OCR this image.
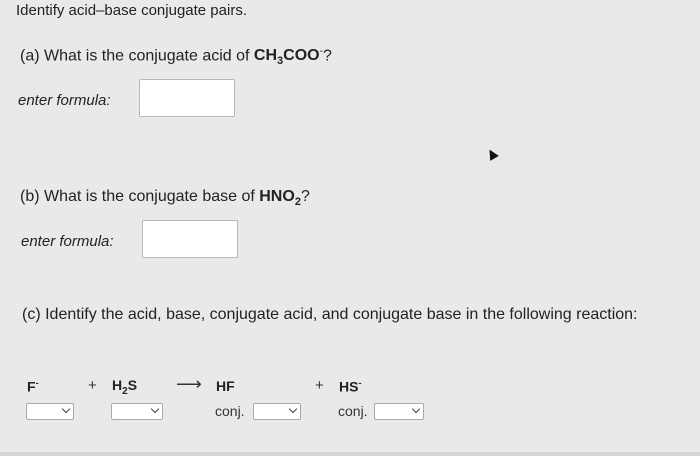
Identify acid–base conjugate pairs.
(a) What is the conjugate acid of $CH_3COO^-$?
enter formula:
(b) What is the conjugate base of $HNO_2$?
enter formula:
(c) Identify the acid, base, conjugate acid, and conjugate base in the following reaction:
F-	+ $H_2S$ ⟶ HF	+ HS-
conj.	conj.
